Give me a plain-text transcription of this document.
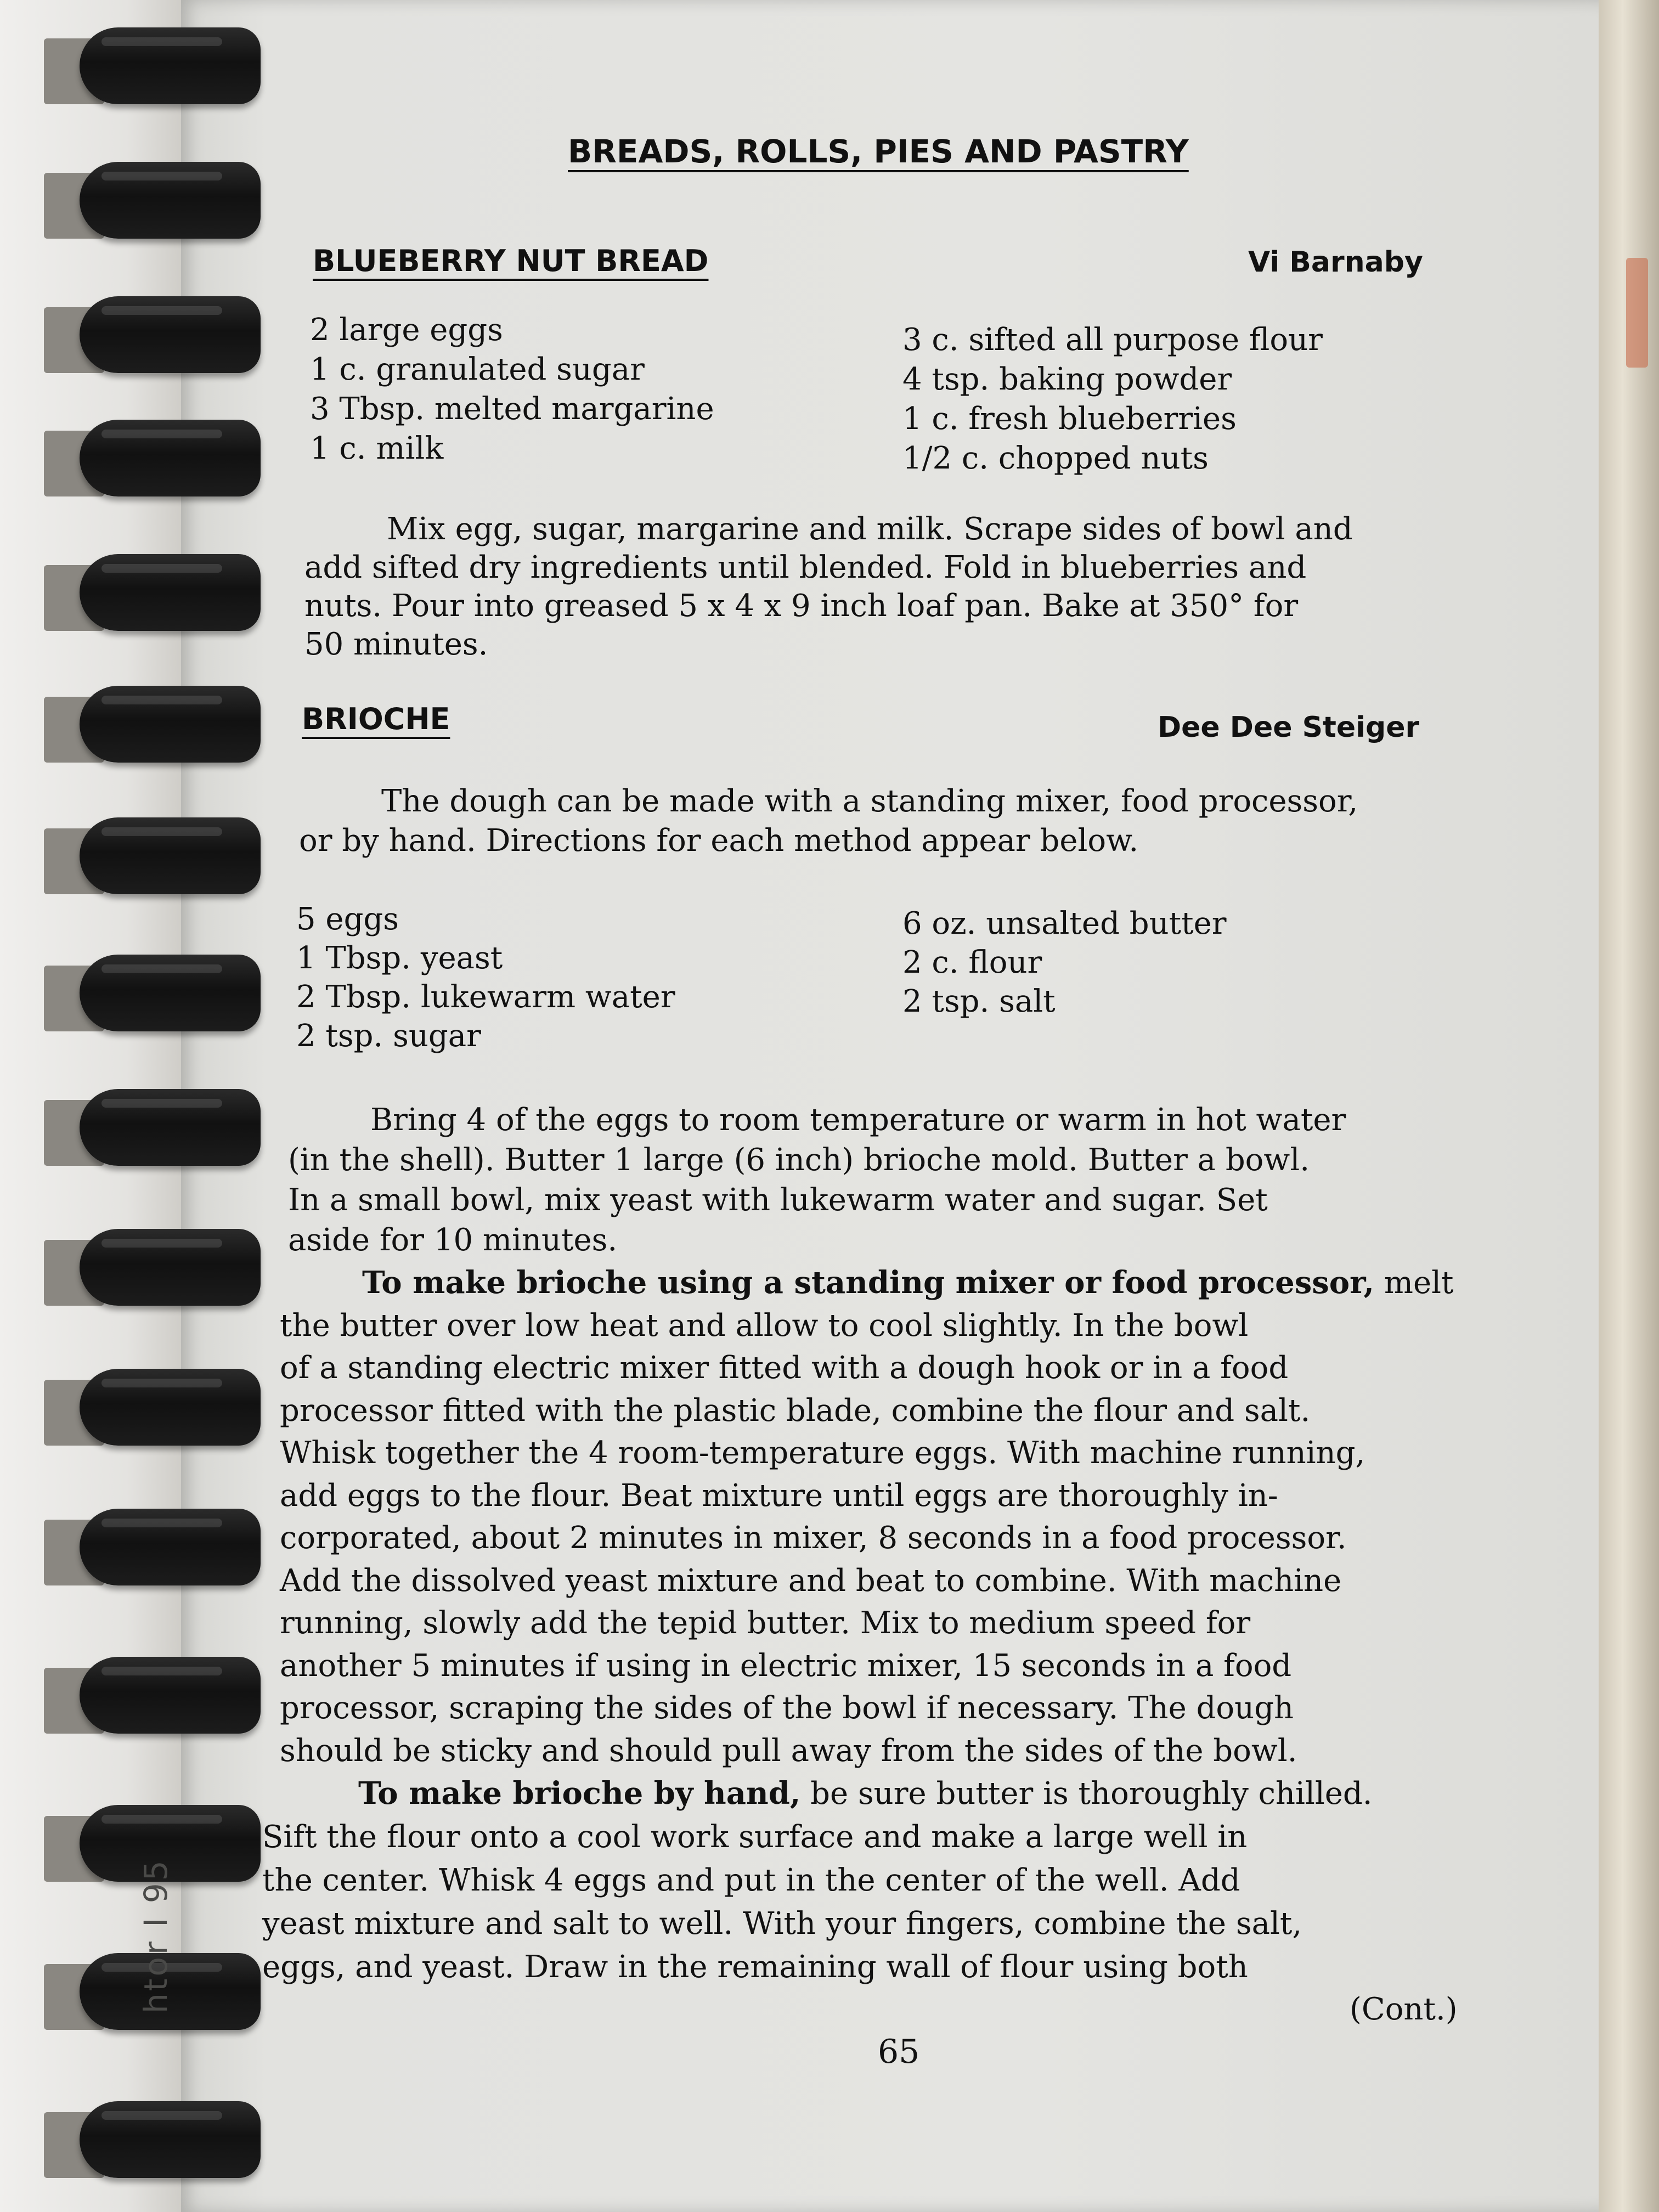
htor I 95
BREADS, ROLLS, PIES AND PASTRY
BLUEBERRY NUT BREAD	Vi Barnaby
2 large eggs
1 c. granulated sugar
3 Tbsp. melted margarine
1 c. milk
3 c. sifted all purpose flour
4 tsp. baking powder
1 c. fresh blueberries
1/2 c. chopped nuts
Mix egg, sugar, margarine and milk. Scrape sides of bowl and
add sifted dry ingredients until blended. Fold in blueberries and
nuts. Pour into greased 5 x 4 x 9 inch loaf pan. Bake at 350° for
50 minutes.
BRIOCHE	Dee Dee Steiger
The dough can be made with a standing mixer, food processor,
or by hand. Directions for each method appear below.
5 eggs
1 Tbsp. yeast
2 Tbsp. lukewarm water
2 tsp. sugar
6 oz. unsalted butter
2 c. flour
2 tsp. salt
Bring 4 of the eggs to room temperature or warm in hot water
(in the shell). Butter 1 large (6 inch) brioche mold. Butter a bowl.
In a small bowl, mix yeast with lukewarm water and sugar. Set
aside for 10 minutes.
To make brioche using a standing mixer or food processor, melt
the butter over low heat and allow to cool slightly. In the bowl
of a standing electric mixer fitted with a dough hook or in a food
processor fitted with the plastic blade, combine the flour and salt.
Whisk together the 4 room-temperature eggs. With machine running,
add eggs to the flour. Beat mixture until eggs are thoroughly in-
corporated, about 2 minutes in mixer, 8 seconds in a food processor.
Add the dissolved yeast mixture and beat to combine. With machine
running, slowly add the tepid butter. Mix to medium speed for
another 5 minutes if using in electric mixer, 15 seconds in a food
processor, scraping the sides of the bowl if necessary. The dough
should be sticky and should pull away from the sides of the bowl.
To make brioche by hand, be sure butter is thoroughly chilled.
Sift the flour onto a cool work surface and make a large well in
the center. Whisk 4 eggs and put in the center of the well. Add
yeast mixture and salt to well. With your fingers, combine the salt,
eggs, and yeast. Draw in the remaining wall of flour using both
(Cont.)
65
